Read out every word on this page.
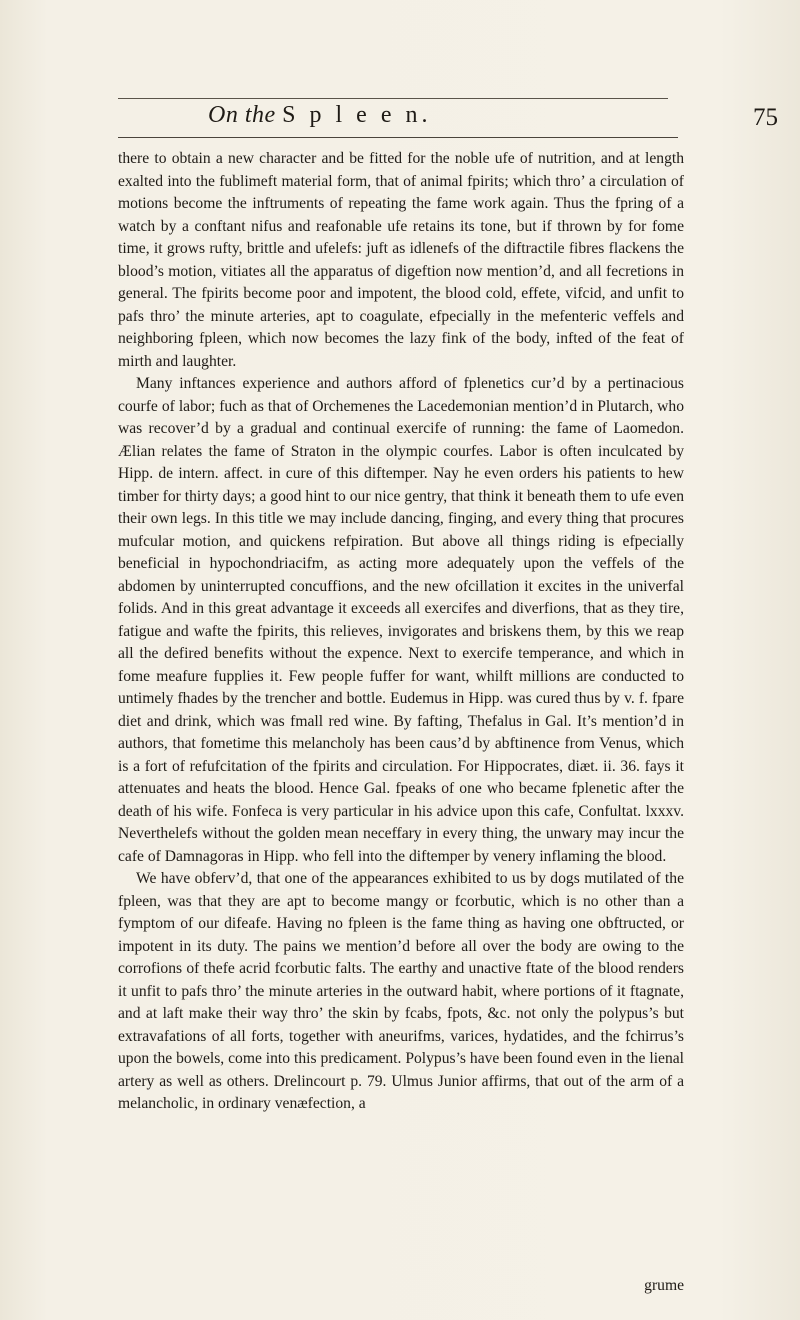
On the S p l e e n.	75

there to obtain a new character and be fitted for the noble ufe of nutrition, and at length exalted into the fublimeft material form, that of animal fpirits; which thro’ a circulation of motions become the inftruments of repeating the fame work again. Thus the fpring of a watch by a conftant nifus and reafonable ufe retains its tone, but if thrown by for fome time, it grows rufty, brittle and ufelefs: juft as idlenefs of the diftractile fibres flackens the blood’s motion, vitiates all the apparatus of digeftion now mention’d, and all fecretions in general. The fpirits become poor and impotent, the blood cold, effete, vifcid, and unfit to pafs thro’ the minute arteries, apt to coagulate, efpecially in the mefenteric veffels and neighboring fpleen, which now becomes the lazy fink of the body, infted of the feat of mirth and laughter.

Many inftances experience and authors afford of fplenetics cur’d by a pertinacious courfe of labor; fuch as that of Orchemenes the Lacedemonian mention’d in Plutarch, who was recover’d by a gradual and continual exercife of running: the fame of Laomedon. Ælian relates the fame of Straton in the olympic courfes. Labor is often inculcated by Hipp. de intern. affect. in cure of this diftemper. Nay he even orders his patients to hew timber for thirty days; a good hint to our nice gentry, that think it beneath them to ufe even their own legs. In this title we may include dancing, finging, and every thing that procures mufcular motion, and quickens refpiration. But above all things riding is efpecially beneficial in hypochondriacifm, as acting more adequately upon the veffels of the abdomen by uninterrupted concuffions, and the new ofcillation it excites in the univerfal folids. And in this great advantage it exceeds all exercifes and diverfions, that as they tire, fatigue and wafte the fpirits, this relieves, invigorates and briskens them, by this we reap all the defired benefits without the expence. Next to exercife temperance, and which in fome meafure fupplies it. Few people fuffer for want, whilft millions are conducted to untimely fhades by the trencher and bottle. Eudemus in Hipp. was cured thus by v. f. fpare diet and drink, which was fmall red wine. By fafting, Thefalus in Gal. It’s mention’d in authors, that fometime this melancholy has been caus’d by abftinence from Venus, which is a fort of refufcitation of the fpirits and circulation. For Hippocrates, diæt. ii. 36. fays it attenuates and heats the blood. Hence Gal. fpeaks of one who became fplenetic after the death of his wife. Fonfeca is very particular in his advice upon this cafe, Confultat. lxxxv. Neverthelefs without the golden mean neceffary in every thing, the unwary may incur the cafe of Damnagoras in Hipp. who fell into the diftemper by venery inflaming the blood.

We have obferv’d, that one of the appearances exhibited to us by dogs mutilated of the fpleen, was that they are apt to become mangy or fcorbutic, which is no other than a fymptom of our difeafe. Having no fpleen is the fame thing as having one obftructed, or impotent in its duty. The pains we mention’d before all over the body are owing to the corrofions of thefe acrid fcorbutic falts. The earthy and unactive ftate of the blood renders it unfit to pafs thro’ the minute arteries in the outward habit, where portions of it ftagnate, and at laft make their way thro’ the skin by fcabs, fpots, &c. not only the polypus’s but extravafations of all forts, together with aneurifms, varices, hydatides, and the fchirrus’s upon the bowels, come into this predicament. Polypus’s have been found even in the lienal artery as well as others. Drelincourt p. 79. Ulmus Junior affirms, that out of the arm of a melancholic, in ordinary venæfection, a

grume
